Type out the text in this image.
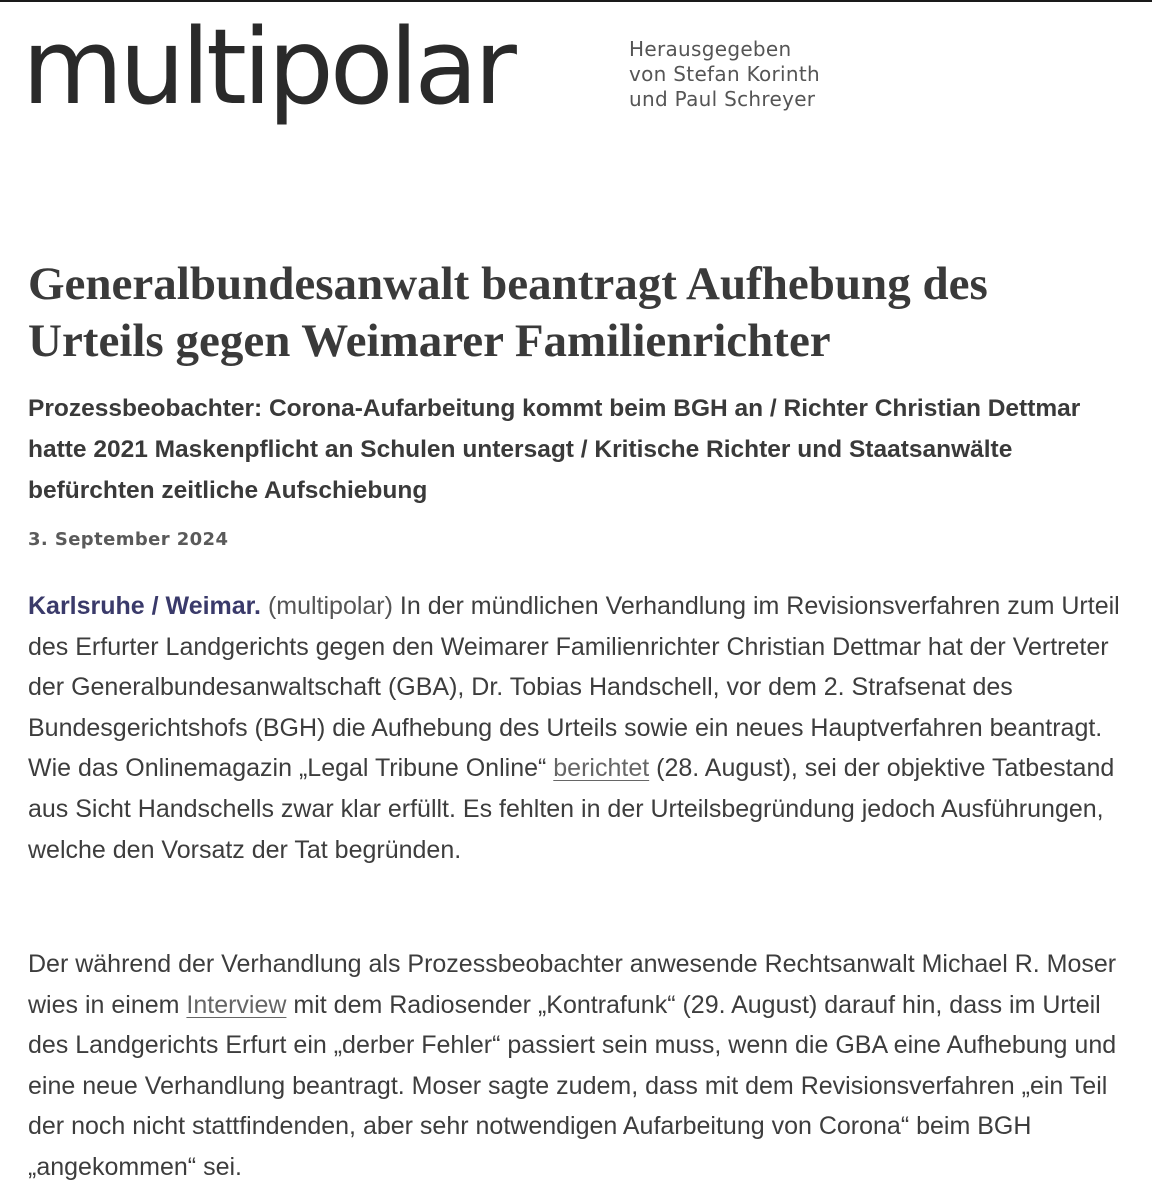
multipolar	Herausgegeben
von Stefan Korinth
und Paul Schreyer
Generalbundesanwalt beantragt Aufhebung des Urteils gegen Weimarer Familienrichter
Prozessbeobachter: Corona-Aufarbeitung kommt beim BGH an / Richter Christian Dettmar hatte 2021 Maskenpflicht an Schulen untersagt / Kritische Richter und Staatsanwälte befürchten zeitliche Aufschiebung
3. September 2024

Karlsruhe / Weimar. (multipolar) In der mündlichen Verhandlung im Revisionsverfahren zum Urteil des Erfurter Landgerichts gegen den Weimarer Familienrichter Christian Dettmar hat der Vertreter der Generalbundesanwaltschaft (GBA), Dr. Tobias Handschell, vor dem 2. Strafsenat des Bundesgerichtshofs (BGH) die Aufhebung des Urteils sowie ein neues Hauptverfahren beantragt. Wie das Onlinemagazin „Legal Tribune Online“ berichtet (28. August), sei der objektive Tatbestand aus Sicht Handschells zwar klar erfüllt. Es fehlten in der Urteilsbegründung jedoch Ausführungen, welche den Vorsatz der Tat begründen.

Der während der Verhandlung als Prozessbeobachter anwesende Rechtsanwalt Michael R. Moser wies in einem Interview mit dem Radiosender „Kontrafunk“ (29. August) darauf hin, dass im Urteil des Landgerichts Erfurt ein „derber Fehler“ passiert sein muss, wenn die GBA eine Aufhebung und eine neue Verhandlung beantragt. Moser sagte zudem, dass mit dem Revisionsverfahren „ein Teil der noch nicht stattfindenden, aber sehr notwendigen Aufarbeitung von Corona“ beim BGH „angekommen“ sei.
